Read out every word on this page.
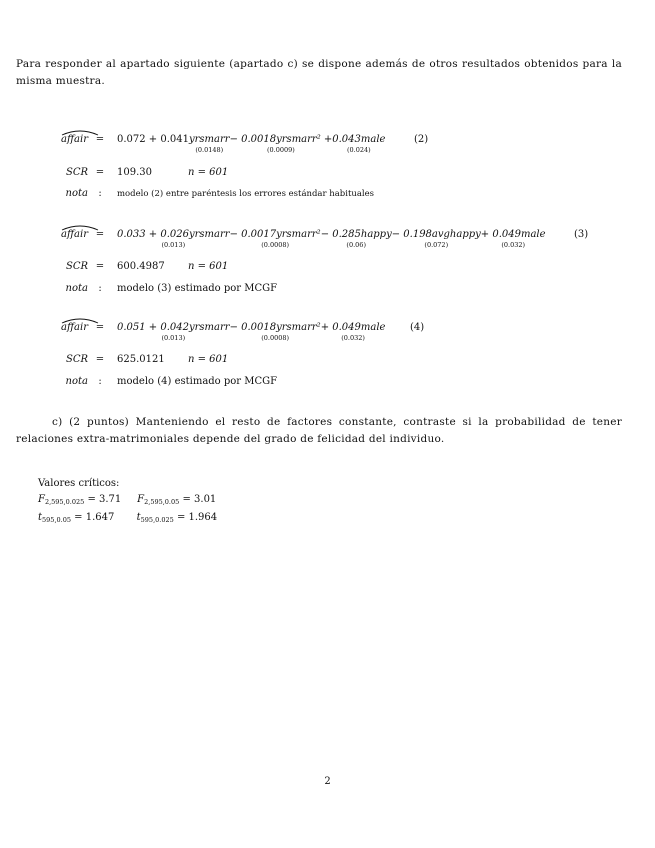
Para responder al apartado siguiente (apartado c) se dispone además de otros resultados obtenidos para la misma muestra.
affair = 0.072 + 0.041yrsmarr
(0.0148)
− 0.0018yrsmarr² +
(0.0009)
0.043male
(0.024)
(2)
SCR = 109.30	n = 601
nota	:	modelo (2) entre paréntesis los errores estándar habituales
affair = 0.033 + 0.026yrsmarr
(0.013)
− 0.0017yrsmarr²
(0.0008)
− 0.285happy
(0.06)
− 0.198avghappy
(0.072)
+ 0.049male
(0.032)
(3)
SCR = 600.4987 n = 601
nota	:	modelo (3) estimado por MCGF
affair = 0.051 + 0.042yrsmarr
(0.013)
− 0.0018yrsmarr²
(0.0008)
+ 0.049male
(0.032)
(4)
SCR = 625.0121 n = 601
nota	:	modelo (4) estimado por MCGF
c) (2 puntos) Manteniendo el resto de factores constante, contraste si la probabilidad de tener relaciones extra-matrimoniales depende del grado de felicidad del individuo.
Valores críticos:
$F_{2,595,0.025} = 3.71$ $F_{2,595,0.05} = 3.01$
$t_{595,0.05} = 1.647$ $t_{595,0.025} = 1.964$
2
